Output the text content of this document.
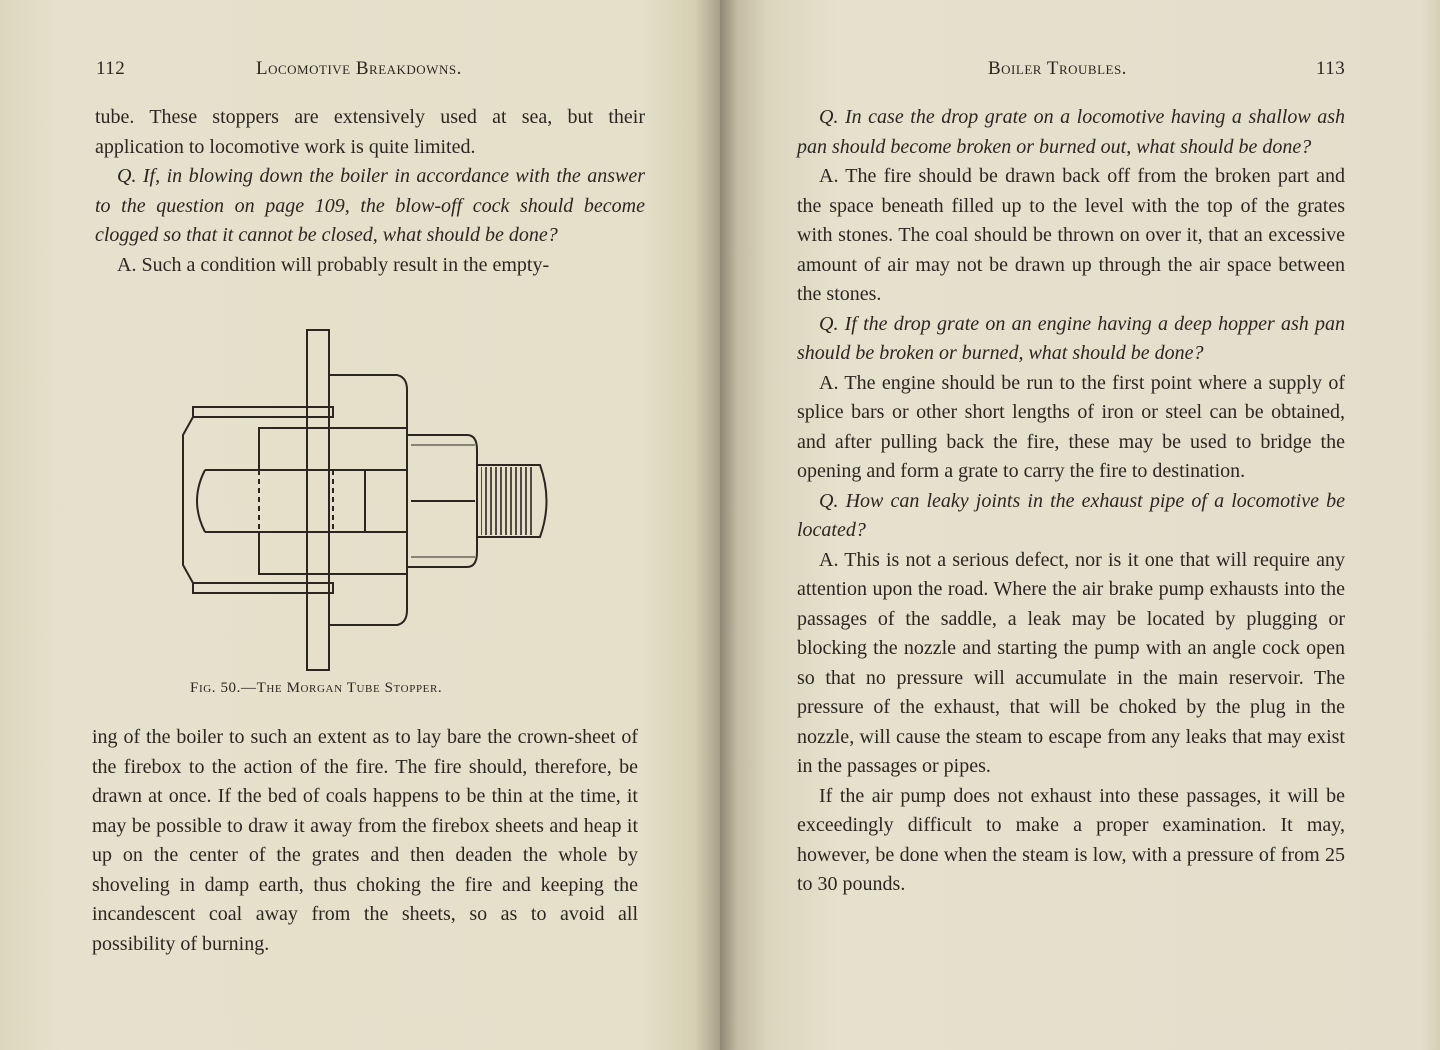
112	Locomotive Breakdowns.

tube. These stoppers are extensively used at sea, but their application to locomotive work is quite limited.

Q. If, in blowing down the boiler in accordance with the answer to the question on page 109, the blow-off cock should become clogged so that it cannot be closed, what should be done?

A. Such a condition will probably result in the empty-

Fig. 50.—The Morgan Tube Stopper.

ing of the boiler to such an extent as to lay bare the crown-sheet of the firebox to the action of the fire. The fire should, therefore, be drawn at once. If the bed of coals happens to be thin at the time, it may be possible to draw it away from the firebox sheets and heap it up on the center of the grates and then deaden the whole by shoveling in damp earth, thus choking the fire and keeping the incandescent coal away from the sheets, so as to avoid all possibility of burning.

Boiler Troubles.	113

Q. In case the drop grate on a locomotive having a shallow ash pan should become broken or burned out, what should be done?

A. The fire should be drawn back off from the broken part and the space beneath filled up to the level with the top of the grates with stones. The coal should be thrown on over it, that an excessive amount of air may not be drawn up through the air space between the stones.

Q. If the drop grate on an engine having a deep hopper ash pan should be broken or burned, what should be done?

A. The engine should be run to the first point where a supply of splice bars or other short lengths of iron or steel can be obtained, and after pulling back the fire, these may be used to bridge the opening and form a grate to carry the fire to destination.

Q. How can leaky joints in the exhaust pipe of a locomotive be located?

A. This is not a serious defect, nor is it one that will require any attention upon the road. Where the air brake pump exhausts into the passages of the saddle, a leak may be located by plugging or blocking the nozzle and starting the pump with an angle cock open so that no pressure will accumulate in the main reservoir. The pressure of the exhaust, that will be choked by the plug in the nozzle, will cause the steam to escape from any leaks that may exist in the passages or pipes.

If the air pump does not exhaust into these passages, it will be exceedingly difficult to make a proper examination. It may, however, be done when the steam is low, with a pressure of from 25 to 30 pounds.
